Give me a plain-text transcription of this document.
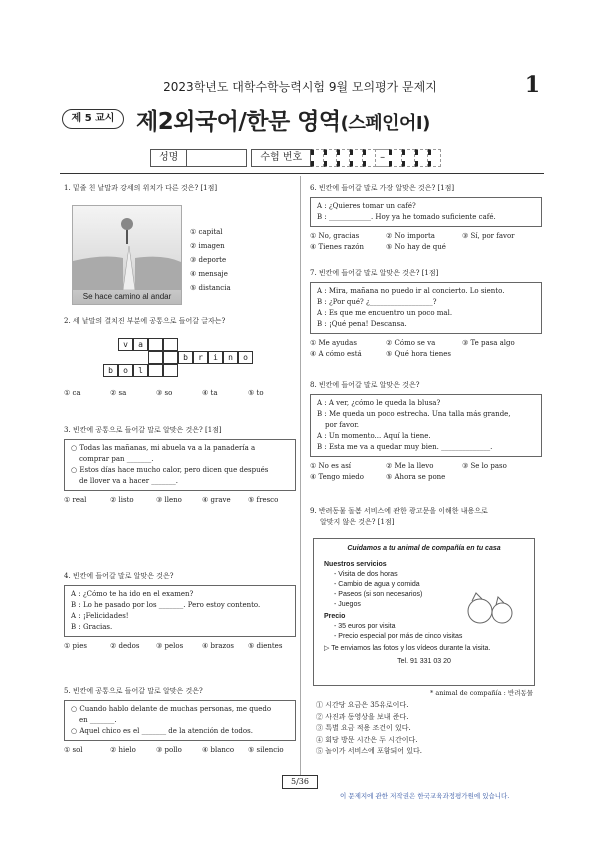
2023학년도 대학수학능력시험 9월 모의평가 문제지	1
제 5 교시 제2외국어/한문 영역(스페인어Ⅰ)
성명	수험 번호	–
1. 밑줄 친 낱말과 강세의 위치가 다른 것은? [1점]
Se hace camino al andar
① capital
② imagen
③ deporte
④ mensaje
⑤ distancia
2. 세 낱말의 결치진 부분에 공통으로 들어갈 글자는?
v	a
b	r	i	n	o
b	o	l
① ca	② sa	③ so	④ ta	⑤ to
3. 빈칸에 공통으로 들어갈 말로 알맞은 것은? [1점]
○ Todas las mañanas, mi abuela va a la panadería a
comprar pan _______.
○ Estos días hace mucho calor, pero dicen que después
de llover va a hacer _______.
① real	② listo	③ lleno	④ grave	⑤ fresco
4. 빈칸에 들어갈 말로 알맞은 것은?
A : ¿Cómo te ha ido en el examen?
B : Lo he pasado por los _______. Pero estoy contento.
A : ¡Felicidades!
B : Gracias.
① pies	② dedos	③ pelos	④ brazos	⑤ dientes
5. 빈칸에 공통으로 들어갈 말로 알맞은 것은?
○ Cuando hablo delante de muchas personas, me quedo
en _______.
○ Aquel chico es el _______ de la atención de todos.
① sol	② hielo	③ pollo	④ blanco	⑤ silencio
6. 빈칸에 들어갈 말로 가장 알맞은 것은? [1점]
A : ¿Quieres tomar un café?
B : ____________. Hoy ya he tomado suficiente café.
① No, gracias	② No importa	③ Sí, por favor
④ Tienes razón	⑤ No hay de qué
7. 빈칸에 들어갈 말로 알맞은 것은? [1점]
A : Mira, mañana no puedo ir al concierto. Lo siento.
B : ¿Por qué? ¿__________________?
A : Es que me encuentro un poco mal.
B : ¡Qué pena! Descansa.
① Me ayudas	② Cómo se va	③ Te pasa algo
④ A cómo está	⑤ Qué hora tienes
8. 빈칸에 들어갈 말로 알맞은 것은?
A : A ver, ¿cómo le queda la blusa?
B : Me queda un poco estrecha. Una talla más grande,
por favor.
A : Un momento... Aquí la tiene.
B : Esta me va a quedar muy bien. ______________.
① No es así	② Me la llevo	③ Se lo paso
④ Tengo miedo	⑤ Ahora se pone
9. 반려동물 돌봄 서비스에 관한 광고문을 이해한 내용으로
알맞지 않은 것은? [1점]
Cuidamos a tu animal de compañía en tu casa
Nuestros servicios
- Visita de dos horas
- Cambio de agua y comida
- Paseos (si son necesarios)
- Juegos
Precio
- 35 euros por visita
- Precio especial por más de cinco visitas
▷ Te enviamos las fotos y los vídeos durante la visita.
Tel. 91 331 03 20
* animal de compañía : 반려동물
① 시간당 요금은 35유로이다.
② 사진과 동영상을 보내 준다.
③ 특별 요금 적용 조건이 있다.
④ 회당 방문 시간은 두 시간이다.
⑤ 놀이가 서비스에 포함되어 있다.
5/36
이 문제지에 관한 저작권은 한국교육과정평가원에 있습니다.
